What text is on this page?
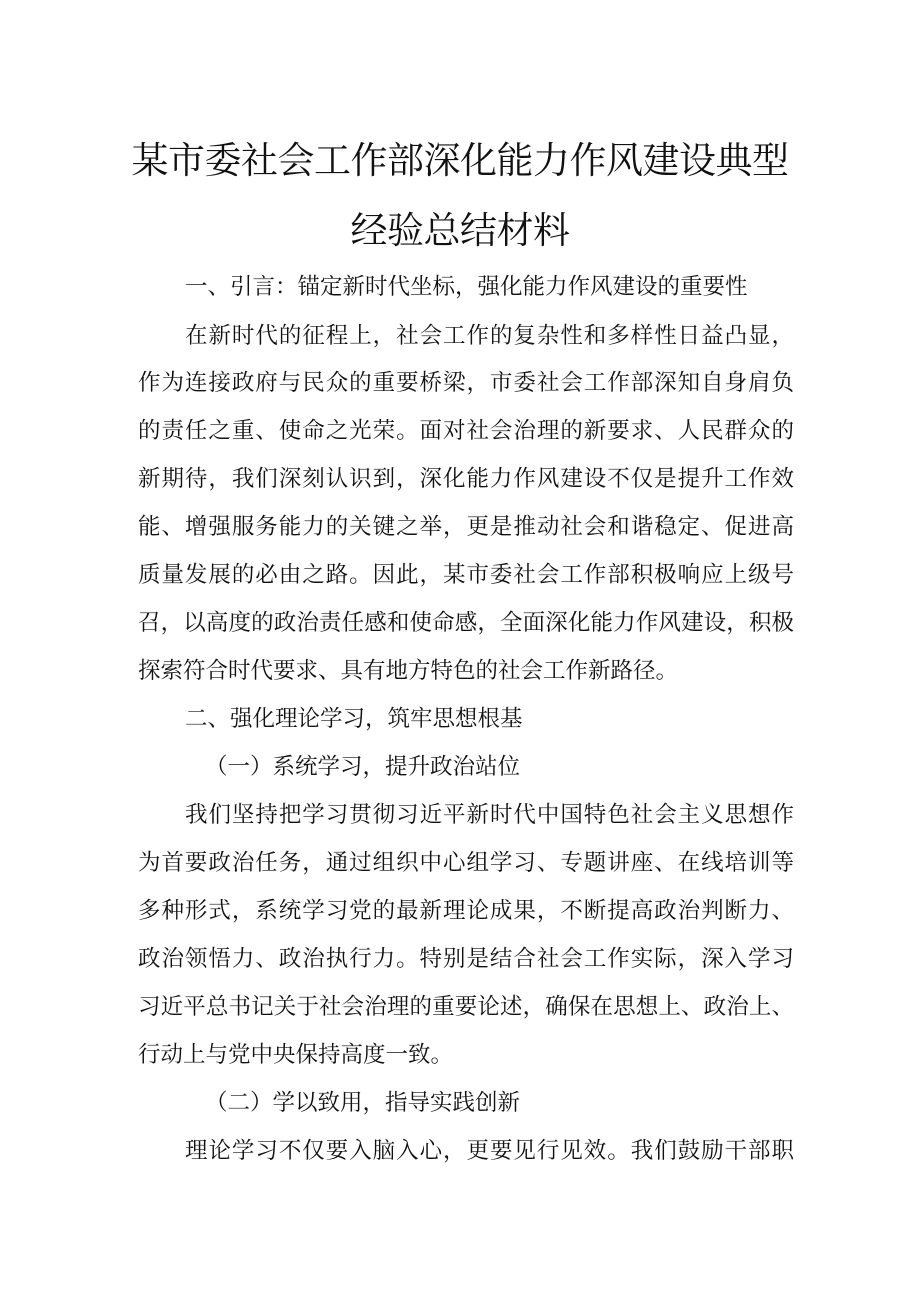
某市委社会工作部深化能力作风建设典型
经验总结材料
一、引言：锚定新时代坐标，强化能力作风建设的重要性
在新时代的征程上，社会工作的复杂性和多样性日益凸显，
作为连接政府与民众的重要桥梁，市委社会工作部深知自身肩负
的责任之重、使命之光荣。面对社会治理的新要求、人民群众的
新期待，我们深刻认识到，深化能力作风建设不仅是提升工作效
能、增强服务能力的关键之举，更是推动社会和谐稳定、促进高
质量发展的必由之路。因此，某市委社会工作部积极响应上级号
召，以高度的政治责任感和使命感，全面深化能力作风建设，积极
探索符合时代要求、具有地方特色的社会工作新路径。
二、强化理论学习，筑牢思想根基
（一）系统学习，提升政治站位
我们坚持把学习贯彻习近平新时代中国特色社会主义思想作
为首要政治任务，通过组织中心组学习、专题讲座、在线培训等
多种形式，系统学习党的最新理论成果，不断提高政治判断力、
政治领悟力、政治执行力。特别是结合社会工作实际，深入学习
习近平总书记关于社会治理的重要论述，确保在思想上、政治上、
行动上与党中央保持高度一致。
（二）学以致用，指导实践创新
理论学习不仅要入脑入心，更要见行见效。我们鼓励干部职
